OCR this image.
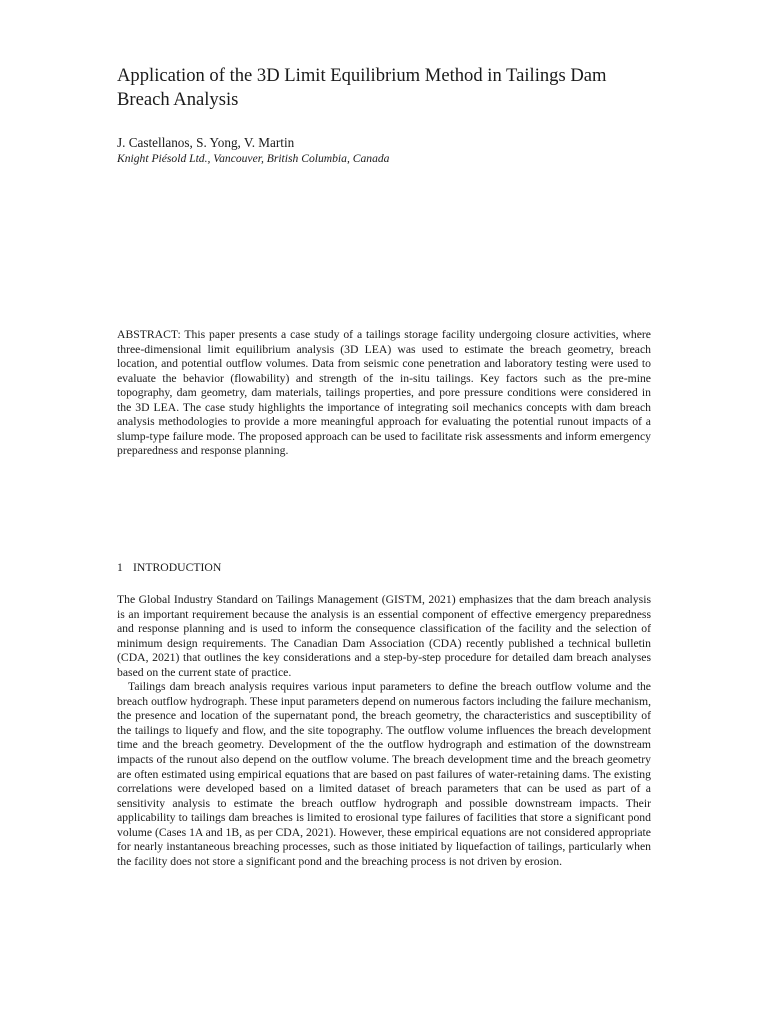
Application of the 3D Limit Equilibrium Method in Tailings Dam Breach Analysis

J. Castellanos, S. Yong, V. Martin

Knight Piésold Ltd., Vancouver, British Columbia, Canada

ABSTRACT: This paper presents a case study of a tailings storage facility undergoing closure activities, where three-dimensional limit equilibrium analysis (3D LEA) was used to estimate the breach geometry, breach location, and potential outflow volumes. Data from seismic cone penetration and laboratory testing were used to evaluate the behavior (flowability) and strength of the in-situ tailings. Key factors such as the pre-mine topography, dam geometry, dam materials, tailings properties, and pore pressure conditions were considered in the 3D LEA. The case study highlights the importance of integrating soil mechanics concepts with dam breach analysis methodologies to provide a more meaningful approach for evaluating the potential runout impacts of a slump-type failure mode. The proposed approach can be used to facilitate risk assessments and inform emergency preparedness and response planning.

1 INTRODUCTION

The Global Industry Standard on Tailings Management (GISTM, 2021) emphasizes that the dam breach analysis is an important requirement because the analysis is an essential component of effective emergency preparedness and response planning and is used to inform the consequence classification of the facility and the selection of minimum design requirements. The Canadian Dam Association (CDA) recently published a technical bulletin (CDA, 2021) that outlines the key considerations and a step-by-step procedure for detailed dam breach analyses based on the current state of practice.

Tailings dam breach analysis requires various input parameters to define the breach outflow volume and the breach outflow hydrograph. These input parameters depend on numerous factors including the failure mechanism, the presence and location of the supernatant pond, the breach geometry, the characteristics and susceptibility of the tailings to liquefy and flow, and the site topography. The outflow volume influences the breach development time and the breach geometry. Development of the the outflow hydrograph and estimation of the downstream impacts of the runout also depend on the outflow volume. The breach development time and the breach geometry are often estimated using empirical equations that are based on past failures of water-retaining dams. The existing correlations were developed based on a limited dataset of breach parameters that can be used as part of a sensitivity analysis to estimate the breach outflow hydrograph and possible downstream impacts. Their applicability to tailings dam breaches is limited to erosional type failures of facilities that store a significant pond volume (Cases 1A and 1B, as per CDA, 2021). However, these empirical equations are not considered appropriate for nearly instantaneous breaching processes, such as those initiated by liquefaction of tailings, particularly when the facility does not store a significant pond and the breaching process is not driven by erosion.
